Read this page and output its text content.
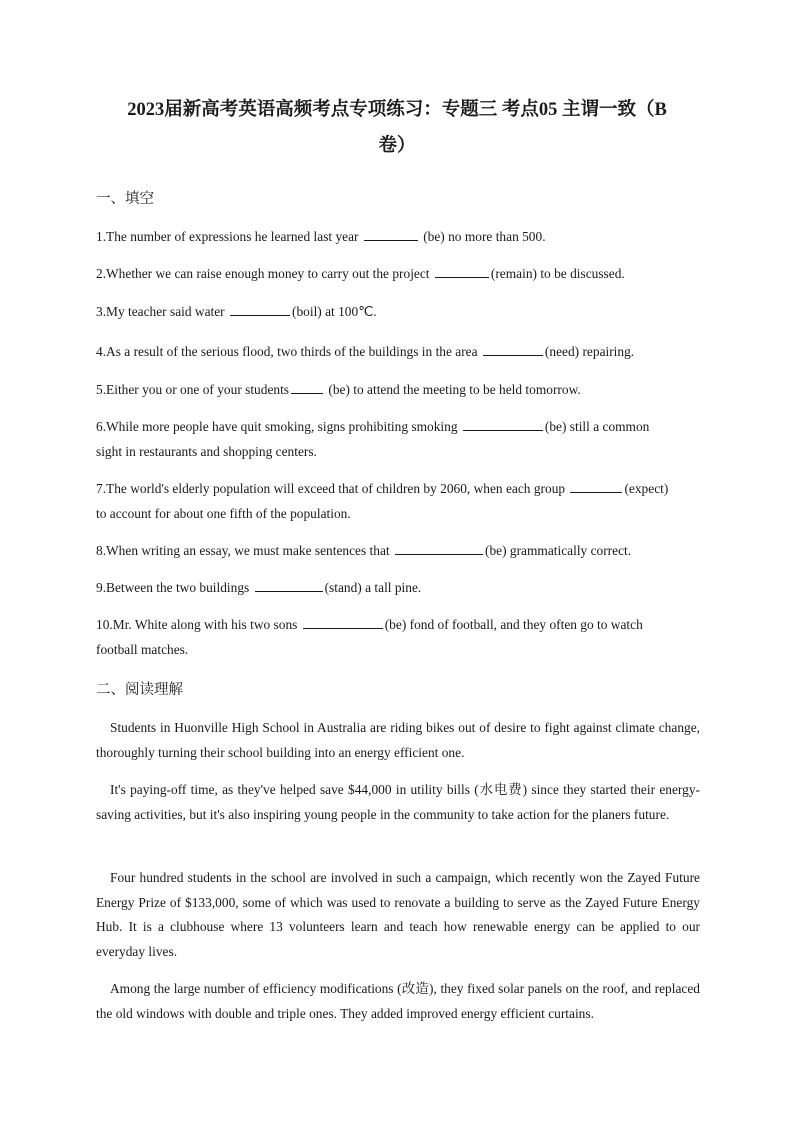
2023届新高考英语高频考点专项练习：专题三 考点05 主谓一致（B
卷）
一、填空
1.The number of expressions he learned last year	(be) no more than 500.
2.Whether we can raise enough money to carry out the project	(remain) to be discussed.
3.My teacher said water	(boil) at 100℃.
4.As a result of the serious flood, two thirds of the buildings in the area	(need) repairing.
5.Either you or one of your students	(be) to attend the meeting to be held tomorrow.
6.While more people have quit smoking, signs prohibiting smoking	(be) still a common
sight in restaurants and shopping centers.
7.The world's elderly population will exceed that of children by 2060, when each group	(expect)
to account for about one fifth of the population.
8.When writing an essay, we must make sentences that	(be) grammatically correct.
9.Between the two buildings	(stand) a tall pine.
10.Mr. White along with his two sons	(be) fond of football, and they often go to watch
football matches.
二、阅读理解
Students in Huonville High School in Australia are riding bikes out of desire to fight against climate change, thoroughly turning their school building into an energy efficient one.
It's paying-off time, as they've helped save $44,000 in utility bills (水电费) since they started their energy-saving activities, but it's also inspiring young people in the community to take action for the planers future.
Four hundred students in the school are involved in such a campaign, which recently won the Zayed Future Energy Prize of $133,000, some of which was used to renovate a building to serve as the Zayed Future Energy Hub. It is a clubhouse where 13 volunteers learn and teach how renewable energy can be applied to our everyday lives.
Among the large number of efficiency modifications (改造), they fixed solar panels on the roof, and replaced the old windows with double and triple ones. They added improved energy efficient curtains.
